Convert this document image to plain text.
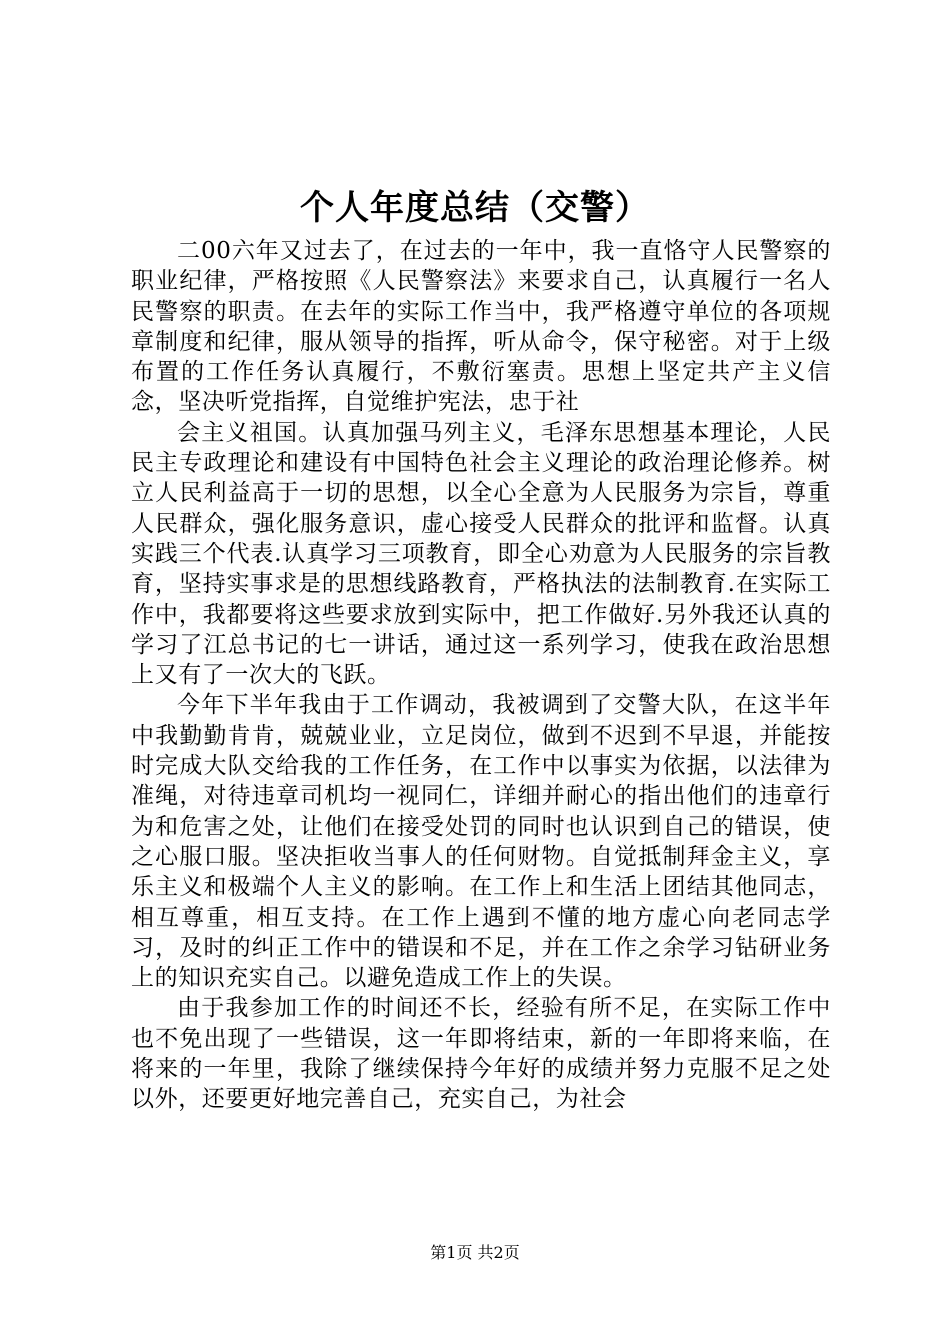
个人年度总结（交警）

二00六年又过去了，在过去的一年中，我一直恪守人民警察的职业纪律，严格按照《人民警察法》来要求自己，认真履行一名人民警察的职责。在去年的实际工作当中，我严格遵守单位的各项规章制度和纪律，服从领导的指挥，听从命令，保守秘密。对于上级布置的工作任务认真履行，不敷衍塞责。思想上坚定共产主义信念，坚决听党指挥，自觉维护宪法，忠于社

会主义祖国。认真加强马列主义，毛泽东思想基本理论，人民民主专政理论和建设有中国特色社会主义理论的政治理论修养。树立人民利益高于一切的思想，以全心全意为人民服务为宗旨，尊重人民群众，强化服务意识，虚心接受人民群众的批评和监督。认真实践三个代表.认真学习三项教育，即全心劝意为人民服务的宗旨教育，坚持实事求是的思想线路教育，严格执法的法制教育.在实际工作中，我都要将这些要求放到实际中，把工作做好.另外我还认真的学习了江总书记的七一讲话，通过这一系列学习，使我在政治思想上又有了一次大的飞跃。

今年下半年我由于工作调动，我被调到了交警大队，在这半年中我勤勤肯肯，兢兢业业，立足岗位，做到不迟到不早退，并能按时完成大队交给我的工作任务，在工作中以事实为依据，以法律为准绳，对待违章司机均一视同仁，详细并耐心的指出他们的违章行为和危害之处，让他们在接受处罚的同时也认识到自己的错误，使之心服口服。坚决拒收当事人的任何财物。自觉抵制拜金主义，享乐主义和极端个人主义的影响。在工作上和生活上团结其他同志，相互尊重，相互支持。在工作上遇到不懂的地方虚心向老同志学习，及时的纠正工作中的错误和不足，并在工作之余学习钻研业务上的知识充实自己。以避免造成工作上的失误。

由于我参加工作的时间还不长，经验有所不足，在实际工作中也不免出现了一些错误，这一年即将结束，新的一年即将来临，在将来的一年里，我除了继续保持今年好的成绩并努力克服不足之处以外，还要更好地完善自己，充实自己，为社会

第1页 共2页
